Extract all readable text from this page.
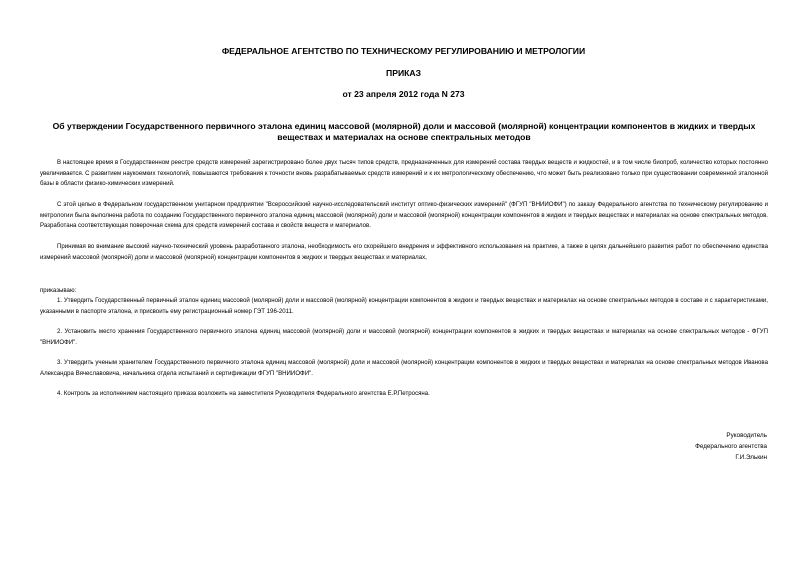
ФЕДЕРАЛЬНОЕ АГЕНТСТВО ПО ТЕХНИЧЕСКОМУ РЕГУЛИРОВАНИЮ И МЕТРОЛОГИИ
ПРИКАЗ
от 23 апреля 2012 года N 273
Об утверждении Государственного первичного эталона единиц массовой (молярной) доли и массовой (молярной) концентрации компонентов в жидких и твердых веществах и материалах на основе спектральных методов

В настоящее время в Государственном реестре средств измерений зарегистрировано более двух тысяч типов средств, предназначенных для измерений состава твердых веществ и жидкостей, и в том числе биопроб, количество которых постоянно увеличивается. С развитием наукоемких технологий, повышаются требования к точности вновь разрабатываемых средств измерений и к их метрологическому обеспечению, что может быть реализовано только при существовании современной эталонной базы в области физико-химических измерений.

С этой целью в Федеральном государственном унитарном предприятии "Всероссийский научно-исследовательский институт оптико-физических измерений" (ФГУП "ВНИИОФИ") по заказу Федерального агентства по техническому регулированию и метрологии была выполнена работа по созданию Государственного первичного эталона единиц массовой (молярной) доли и массовой (молярной) концентрации компонентов в жидких и твердых веществах и материалах на основе спектральных методов. Разработана соответствующая поверочная схема для средств измерений состава и свойств веществ и материалов.

Принимая во внимание высокий научно-технический уровень разработанного эталона, необходимость его скорейшего внедрения и эффективного использования на практике, а также в целях дальнейшего развития работ по обеспечению единства измерений массовой (молярной) доли и массовой (молярной) концентрации компонентов в жидких и твердых веществах и материалах,

приказываю:

1. Утвердить Государственный первичный эталон единиц массовой (молярной) доли и массовой (молярной) концентрации компонентов в жидких и твердых веществах и материалах на основе спектральных методов в составе и с характеристиками, указанными в паспорте эталона, и присвоить ему регистрационный номер ГЭТ 196-2011.

2. Установить место хранения Государственного первичного эталона единиц массовой (молярной) доли и массовой (молярной) концентрации компонентов в жидких и твердых веществах и материалах на основе спектральных методов - ФГУП "ВНИИОФИ".

3. Утвердить ученым хранителем Государственного первичного эталона единиц массовой (молярной) доли и массовой (молярной) концентрации компонентов в жидких и твердых веществах и материалах на основе спектральных методов Иванова Александра Вячеславовича, начальника отдела испытаний и сертификации ФГУП "ВНИИОФИ".

4. Контроль за исполнением настоящего приказа возложить на заместителя Руководителя Федерального агентства Е.Р.Петросяна.

Руководитель
Федерального агентства
Г.И.Элькин
